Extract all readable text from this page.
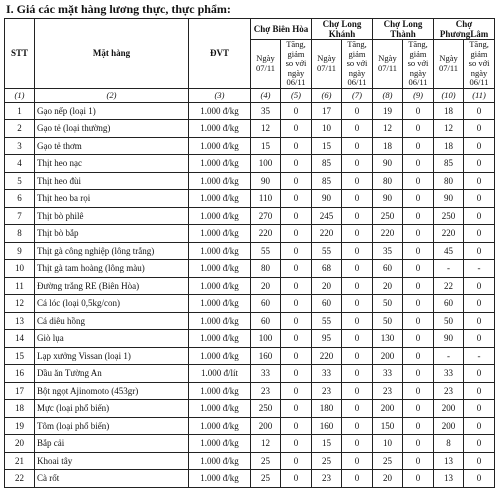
I. Giá các mặt hàng lương thực, thực phẩm:
STT	Mặt hàng	ĐVT	Chợ Biên Hòa		Chợ Long Khánh		Chợ Long Thành		Chợ PhươngLâm	
			Ngày 07/11	Tăng, giảm so với ngày 06/11	Ngày 07/11	Tăng, giảm so với ngày 06/11	Ngày 07/11	Tăng, giảm so với ngày 06/11	Ngày 07/11	Tăng, giảm so với ngày 06/11
(1)	(2)	(3)	(4)	(5)	(6)	(7)	(8)	(9)	(10)	(11)
1	Gạo nếp (loại 1)	1.000 đ/kg	35	0	17	0	19	0	18	0
2	Gạo tẻ (loại thường)	1.000 đ/kg	12	0	10	0	12	0	12	0
3	Gạo tẻ thơm	1.000 đ/kg	15	0	15	0	18	0	18	0
4	Thịt heo nạc	1.000 đ/kg	100	0	85	0	90	0	85	0
5	Thịt heo đùi	1.000 đ/kg	90	0	85	0	80	0	80	0
6	Thịt heo ba rọi	1.000 đ/kg	110	0	90	0	90	0	90	0
7	Thịt bò philê	1.000 đ/kg	270	0	245	0	250	0	250	0
8	Thịt bò bắp	1.000 đ/kg	220	0	220	0	220	0	220	0
9	Thịt gà công nghiệp (lông trắng)	1.000 đ/kg	55	0	55	0	35	0	45	0
10	Thịt gà tam hoàng (lông màu)	1.000 đ/kg	80	0	68	0	60	0	-	-
11	Đường trắng RE (Biên Hòa)	1.000 đ/kg	20	0	20	0	20	0	22	0
12	Cá lóc (loại 0,5kg/con)	1.000 đ/kg	60	0	60	0	50	0	60	0
13	Cá diêu hồng	1.000 đ/kg	60	0	55	0	50	0	50	0
14	Giò lụa	1.000 đ/kg	100	0	95	0	130	0	90	0
15	Lạp xưởng Vissan (loại 1)	1.000 đ/kg	160	0	220	0	200	0	-	-
16	Dầu ăn Tường An	1.000 đ/lít	33	0	33	0	33	0	33	0
17	Bột ngọt Ajinomoto (453gr)	1.000 đ/kg	23	0	23	0	23	0	23	0
18	Mực (loại phổ biến)	1.000 đ/kg	250	0	180	0	200	0	200	0
19	Tôm (loại phổ biến)	1.000 đ/kg	200	0	160	0	150	0	200	0
20	Bắp cải	1.000 đ/kg	12	0	15	0	10	0	8	0
21	Khoai tây	1.000 đ/kg	25	0	25	0	25	0	13	0
22	Cà rốt	1.000 đ/kg	25	0	23	0	20	0	13	0
